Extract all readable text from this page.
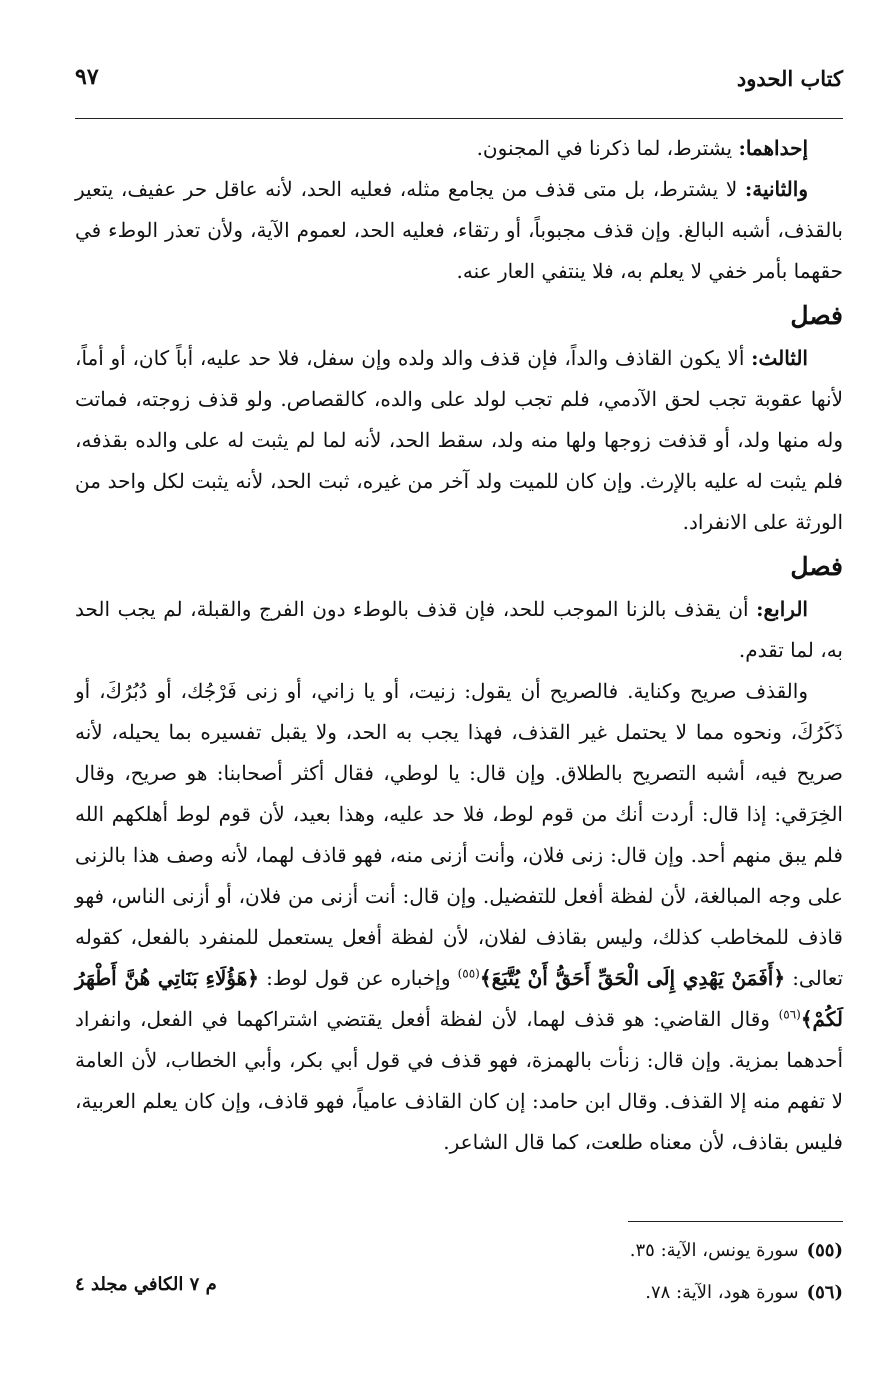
كتاب الحدود
٩٧

إحداهما: يشترط، لما ذكرنا في المجنون.

والثانية: لا يشترط، بل متى قذف من يجامع مثله، فعليه الحد، لأنه عاقل حر عفيف، يتعير بالقذف، أشبه البالغ. وإن قذف مجبوباً، أو رتقاء، فعليه الحد، لعموم الآية، ولأن تعذر الوطء في حقهما بأمر خفي لا يعلم به، فلا ينتفي العار عنه.

فصل

الثالث: ألا يكون القاذف والداً، فإن قذف والد ولده وإن سفل، فلا حد عليه، أباً كان، أو أماً، لأنها عقوبة تجب لحق الآدمي، فلم تجب لولد على والده، كالقصاص. ولو قذف زوجته، فماتت وله منها ولد، أو قذفت زوجها ولها منه ولد، سقط الحد، لأنه لما لم يثبت له على والده بقذفه، فلم يثبت له عليه بالإرث. وإن كان للميت ولد آخر من غيره، ثبت الحد، لأنه يثبت لكل واحد من الورثة على الانفراد.

فصل

الرابع: أن يقذف بالزنا الموجب للحد، فإن قذف بالوطء دون الفرج والقبلة، لم يجب الحد به، لما تقدم.

والقذف صريح وكناية. فالصريح أن يقول: زنيت، أو يا زاني، أو زنى فَرْجُك، أو دُبُرُكَ، أو ذَكَرُكَ، ونحوه مما لا يحتمل غير القذف، فهذا يجب به الحد، ولا يقبل تفسيره بما يحيله، لأنه صريح فيه، أشبه التصريح بالطلاق. وإن قال: يا لوطي، فقال أكثر أصحابنا: هو صريح، وقال الخِرَقي: إذا قال: أردت أنك من قوم لوط، فلا حد عليه، وهذا بعيد، لأن قوم لوط أهلكهم الله فلم يبق منهم أحد. وإن قال: زنى فلان، وأنت أزنى منه، فهو قاذف لهما، لأنه وصف هذا بالزنى على وجه المبالغة، لأن لفظة أفعل للتفضيل. وإن قال: أنت أزنى من فلان، أو أزنى الناس، فهو قاذف للمخاطب كذلك، وليس بقاذف لفلان، لأن لفظة أفعل يستعمل للمنفرد بالفعل، كقوله تعالى: ﴿أَفَمَنْ يَهْدِي إِلَى الْحَقِّ أَحَقُّ أَنْ يُتَّبَعَ﴾$^{(٥٥)}$ وإخباره عن قول لوط: ﴿هَؤُلَاءِ بَنَاتِي هُنَّ أَطْهَرُ لَكُمْ﴾$^{(٥٦)}$ وقال القاضي: هو قذف لهما، لأن لفظة أفعل يقتضي اشتراكهما في الفعل، وانفراد أحدهما بمزية. وإن قال: زنأت بالهمزة، فهو قذف في قول أبي بكر، وأبي الخطاب، لأن العامة لا تفهم منه إلا القذف. وقال ابن حامد: إن كان القاذف عامياً، فهو قاذف، وإن كان يعلم العربية، فليس بقاذف، لأن معناه طلعت، كما قال الشاعر.

(٥٥)سورة يونس، الآية: ٣٥.

(٥٦)سورة هود، الآية: ٧٨.

م ٧ الكافي مجلد ٤
